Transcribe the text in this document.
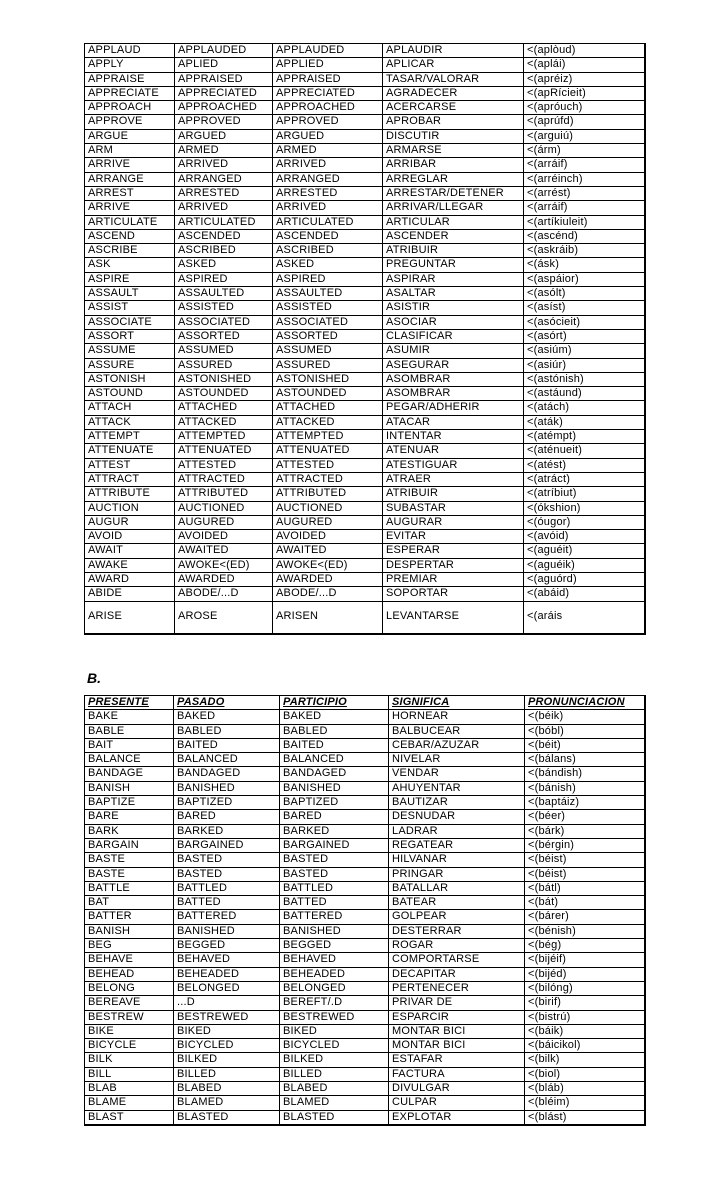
APPLAUD	APPLAUDED	APPLAUDED	APLAUDIR	<(aplòud)
APPLY	APLIED	APPLIED	APLICAR	<(aplái)
APPRAISE	APPRAISED	APPRAISED	TASAR/VALORAR	<(apréiz)
APPRECIATE	APPRECIATED	APPRECIATED	AGRADECER	<(apRícieit)
APPROACH	APPROACHED	APPROACHED	ACERCARSE	<(apróuch)
APPROVE	APPROVED	APPROVED	APROBAR	<(aprúfd)
ARGUE	ARGUED	ARGUED	DISCUTIR	<(arguiú)
ARM	ARMED	ARMED	ARMARSE	<(árm)
ARRIVE	ARRIVED	ARRIVED	ARRIBAR	<(arráif)
ARRANGE	ARRANGED	ARRANGED	ARREGLAR	<(arréinch)
ARREST	ARRESTED	ARRESTED	ARRESTAR/DETENER	<(arrést)
ARRIVE	ARRIVED	ARRIVED	ARRIVAR/LLEGAR	<(arráif)
ARTICULATE	ARTICULATED	ARTICULATED	ARTICULAR	<(artíkiuleit)
ASCEND	ASCENDED	ASCENDED	ASCENDER	<(ascénd)
ASCRIBE	ASCRIBED	ASCRIBED	ATRIBUIR	<(askráib)
ASK	ASKED	ASKED	PREGUNTAR	<(ásk)
ASPIRE	ASPIRED	ASPIRED	ASPIRAR	<(aspáior)
ASSAULT	ASSAULTED	ASSAULTED	ASALTAR	<(asólt)
ASSIST	ASSISTED	ASSISTED	ASISTIR	<(asíst)
ASSOCIATE	ASSOCIATED	ASSOCIATED	ASOCIAR	<(asócieit)
ASSORT	ASSORTED	ASSORTED	CLASIFICAR	<(asórt)
ASSUME	ASSUMED	ASSUMED	ASUMIR	<(asiúm)
ASSURE	ASSURED	ASSURED	ASEGURAR	<(asiúr)
ASTONISH	ASTONISHED	ASTONISHED	ASOMBRAR	<(astónish)
ASTOUND	ASTOUNDED	ASTOUNDED	ASOMBRAR	<(astáund)
ATTACH	ATTACHED	ATTACHED	PEGAR/ADHERIR	<(atách)
ATTACK	ATTACKED	ATTACKED	ATACAR	<(aták)
ATTEMPT	ATTEMPTED	ATTEMPTED	INTENTAR	<(atémpt)
ATTENUATE	ATTENUATED	ATTENUATED	ATENUAR	<(aténueit)
ATTEST	ATTESTED	ATTESTED	ATESTIGUAR	<(atést)
ATTRACT	ATTRACTED	ATTRACTED	ATRAER	<(atráct)
ATTRIBUTE	ATTRIBUTED	ATTRIBUTED	ATRIBUIR	<(atríbiut)
AUCTION	AUCTIONED	AUCTIONED	SUBASTAR	<(ókshion)
AUGUR	AUGURED	AUGURED	AUGURAR	<(óugor)
AVOID	AVOIDED	AVOIDED	EVITAR	<(avóid)
AWAIT	AWAITED	AWAITED	ESPERAR	<(aguéit)
AWAKE	AWOKE<(ED)	AWOKE<(ED)	DESPERTAR	<(aguéik)
AWARD	AWARDED	AWARDED	PREMIAR	<(aguórd)
ABIDE	ABODE/...D	ABODE/...D	SOPORTAR	<(abáid)
ARISE	AROSE	ARISEN	LEVANTARSE	<(aráis
B.
PRESENTE	PASADO	PARTICIPIO	SIGNIFICA	PRONUNCIACION
BAKE	BAKED	BAKED	HORNEAR	<(béik)
BABLE	BABLED	BABLED	BALBUCEAR	<(bóbl)
BAIT	BAITED	BAITED	CEBAR/AZUZAR	<(béit)
BALANCE	BALANCED	BALANCED	NIVELAR	<(bálans)
BANDAGE	BANDAGED	BANDAGED	VENDAR	<(bándish)
BANISH	BANISHED	BANISHED	AHUYENTAR	<(bánish)
BAPTIZE	BAPTIZED	BAPTIZED	BAUTIZAR	<(baptáiz)
BARE	BARED	BARED	DESNUDAR	<(béer)
BARK	BARKED	BARKED	LADRAR	<(bárk)
BARGAIN	BARGAINED	BARGAINED	REGATEAR	<(bérgin)
BASTE	BASTED	BASTED	HILVANAR	<(béist)
BASTE	BASTED	BASTED	PRINGAR	<(béist)
BATTLE	BATTLED	BATTLED	BATALLAR	<(bátl)
BAT	BATTED	BATTED	BATEAR	<(bát)
BATTER	BATTERED	BATTERED	GOLPEAR	<(bárer)
BANISH	BANISHED	BANISHED	DESTERRAR	<(bénish)
BEG	BEGGED	BEGGED	ROGAR	<(bég)
BEHAVE	BEHAVED	BEHAVED	COMPORTARSE	<(bijéif)
BEHEAD	BEHEADED	BEHEADED	DECAPITAR	<(bijéd)
BELONG	BELONGED	BELONGED	PERTENECER	<(bilóng)
BEREAVE	...D	BEREFT/.D	PRIVAR DE	<(birif)
BESTREW	BESTREWED	BESTREWED	ESPARCIR	<(bistrú)
BIKE	BIKED	BIKED	MONTAR BICI	<(báik)
BICYCLE	BICYCLED	BICYCLED	MONTAR BICI	<(báicikol)
BILK	BILKED	BILKED	ESTAFAR	<(bilk)
BILL	BILLED	BILLED	FACTURA	<(biol)
BLAB	BLABED	BLABED	DIVULGAR	<(bláb)
BLAME	BLAMED	BLAMED	CULPAR	<(bléim)
BLAST	BLASTED	BLASTED	EXPLOTAR	<(blást)
